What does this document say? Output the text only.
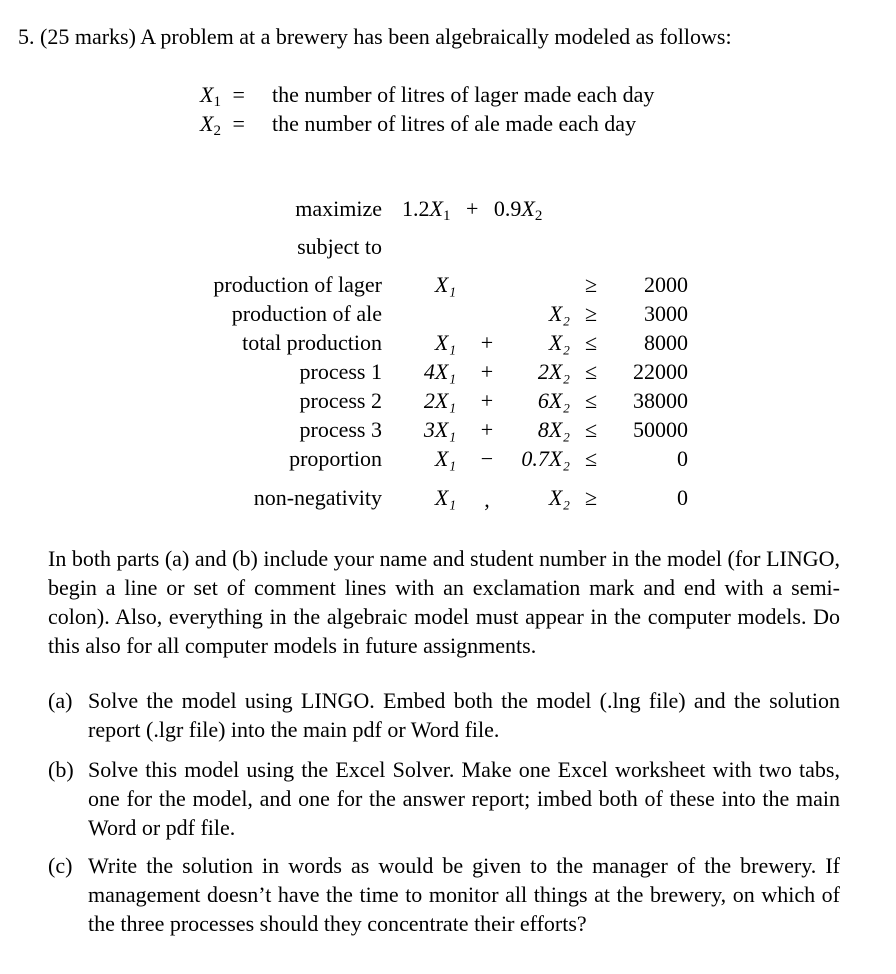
5. (25 marks) A problem at a brewery has been algebraically modeled as follows:
$X_1$ = the number of litres of lager made each day
$X_2$ = the number of litres of ale made each day
maximize $1.2X_1 + 0.9X_2$
subject to
production of lager	X₁	≥	2000
production of ale	X₂ ≥	3000
total production	X₁	+	X₂ ≤	8000
process 1	4X₁	+	2X₂ ≤	22000
process 2	2X₁	+	6X₂ ≤	38000
process 3	3X₁	+	8X₂ ≤	50000
proportion	X₁	−	0.7X₂ ≤	0
non-negativity	X₁	,	X₂ ≥	0
In both parts (a) and (b) include your name and student number in the model (for LINGO, begin a line or set of comment lines with an exclamation mark and end with a semi-colon). Also, everything in the algebraic model must appear in the computer models. Do this also for all computer models in future assignments.
(a) Solve the model using LINGO. Embed both the model (.lng file) and the solution report (.lgr file) into the main pdf or Word file.
(b) Solve this model using the Excel Solver. Make one Excel worksheet with two tabs, one for the model, and one for the answer report; imbed both of these into the main Word or pdf file.
(c) Write the solution in words as would be given to the manager of the brewery. If management doesn’t have the time to monitor all things at the brewery, on which of the three processes should they concentrate their efforts?
